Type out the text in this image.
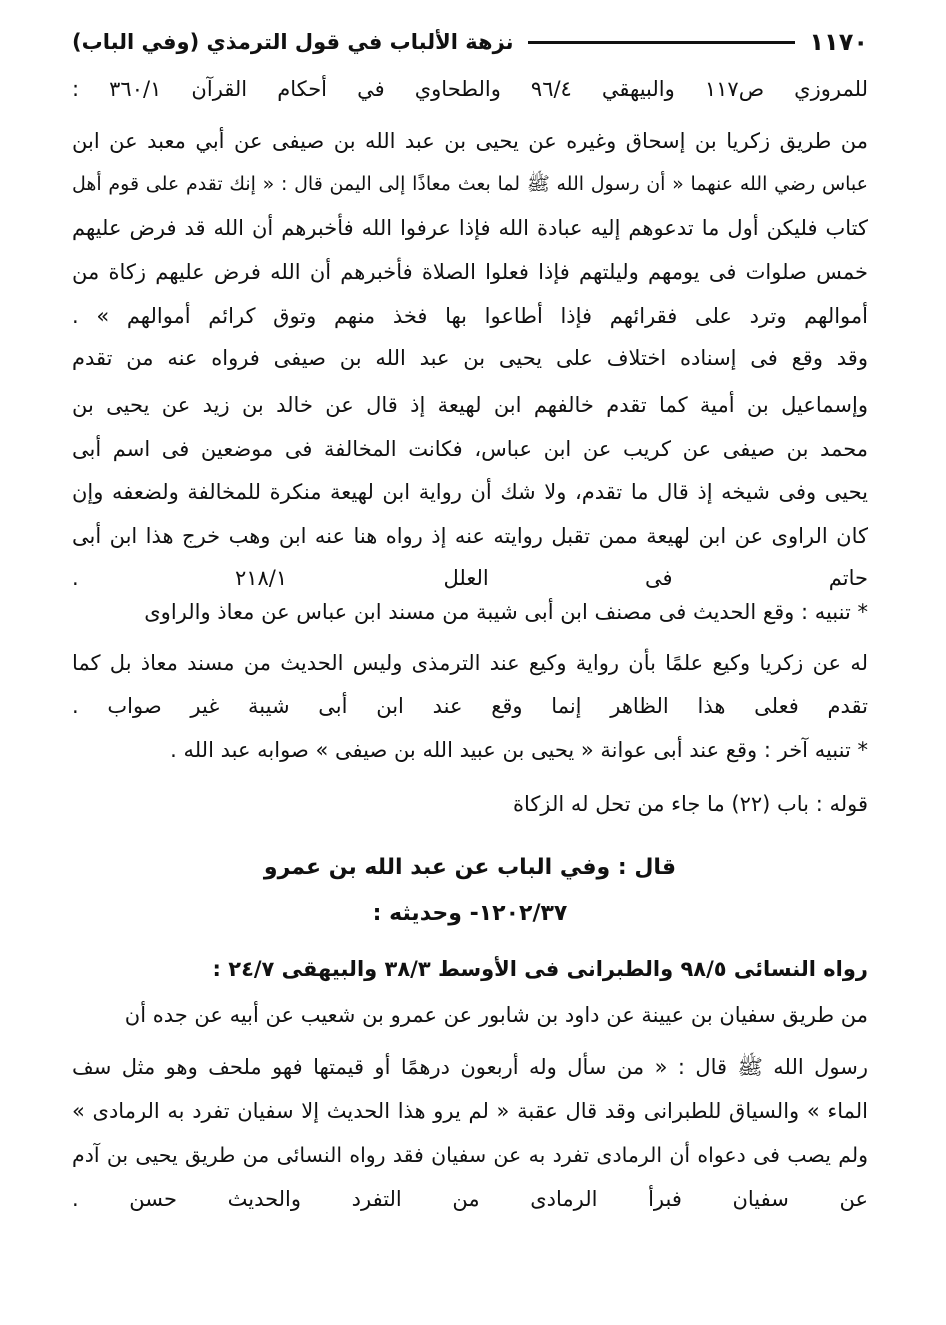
١١٧٠
نزهة الألباب في قول الترمذي (وفي الباب)
للمروزي ص١١٧ والبيهقي ٩٦/٤ والطحاوي في أحكام القرآن ٣٦٠/١ :
من طريق زكريا بن إسحاق وغيره عن يحيى بن عبد الله بن صيفى عن أبي معبد عن ابن
عباس رضي الله عنهما « أن رسول الله ﷺ لما بعث معاذًا إلى اليمن قال : « إنك تقدم على قوم أهل
كتاب فليكن أول ما تدعوهم إليه عبادة الله فإذا عرفوا الله فأخبرهم أن الله قد فرض عليهم
خمس صلوات فى يومهم وليلتهم فإذا فعلوا الصلاة فأخبرهم أن الله فرض عليهم زكاة من
أموالهم وترد على فقرائهم فإذا أطاعوا بها فخذ منهم وتوق كرائم أموالهم » .
وقد وقع فى إسناده اختلاف على يحيى بن عبد الله بن صيفى فرواه عنه من تقدم
وإسماعيل بن أمية كما تقدم خالفهم ابن لهيعة إذ قال عن خالد بن زيد عن يحيى بن
محمد بن صيفى عن كريب عن ابن عباس، فكانت المخالفة فى موضعين فى اسم أبى
يحيى وفى شيخه إذ قال ما تقدم، ولا شك أن رواية ابن لهيعة منكرة للمخالفة ولضعفه وإن
كان الراوى عن ابن لهيعة ممن تقبل روايته عنه إذ رواه هنا عنه ابن وهب خرج هذا ابن أبى
حاتم فى العلل ٢١٨/١ .
* تنبيه : وقع الحديث فى مصنف ابن أبى شيبة من مسند ابن عباس عن معاذ والراوى
له عن زكريا وكيع علمًا بأن رواية وكيع عند الترمذى وليس الحديث من مسند معاذ بل كما
تقدم فعلى هذا الظاهر إنما وقع عند ابن أبى شيبة غير صواب .
* تنبيه آخر : وقع عند أبى عوانة « يحيى بن عبيد الله بن صيفى » صوابه عبد الله .
قوله : باب (٢٢) ما جاء من تحل له الزكاة
قال : وفي الباب عن عبد الله بن عمرو
١٢٠٢/٣٧- وحديثه :
رواه النسائى ٩٨/٥ والطبرانى فى الأوسط ٣٨/٣ والبيهقى ٢٤/٧ :
من طريق سفيان بن عيينة عن داود بن شابور عن عمرو بن شعيب عن أبيه عن جده أن
رسول الله ﷺ قال : « من سأل وله أربعون درهمًا أو قيمتها فهو ملحف وهو مثل سف
الماء » والسياق للطبرانى وقد قال عقبة « لم يرو هذا الحديث إلا سفيان تفرد به الرمادى »
ولم يصب فى دعواه أن الرمادى تفرد به عن سفيان فقد رواه النسائى من طريق يحيى بن آدم
عن سفيان فبرأ الرمادى من التفرد والحديث حسن .
